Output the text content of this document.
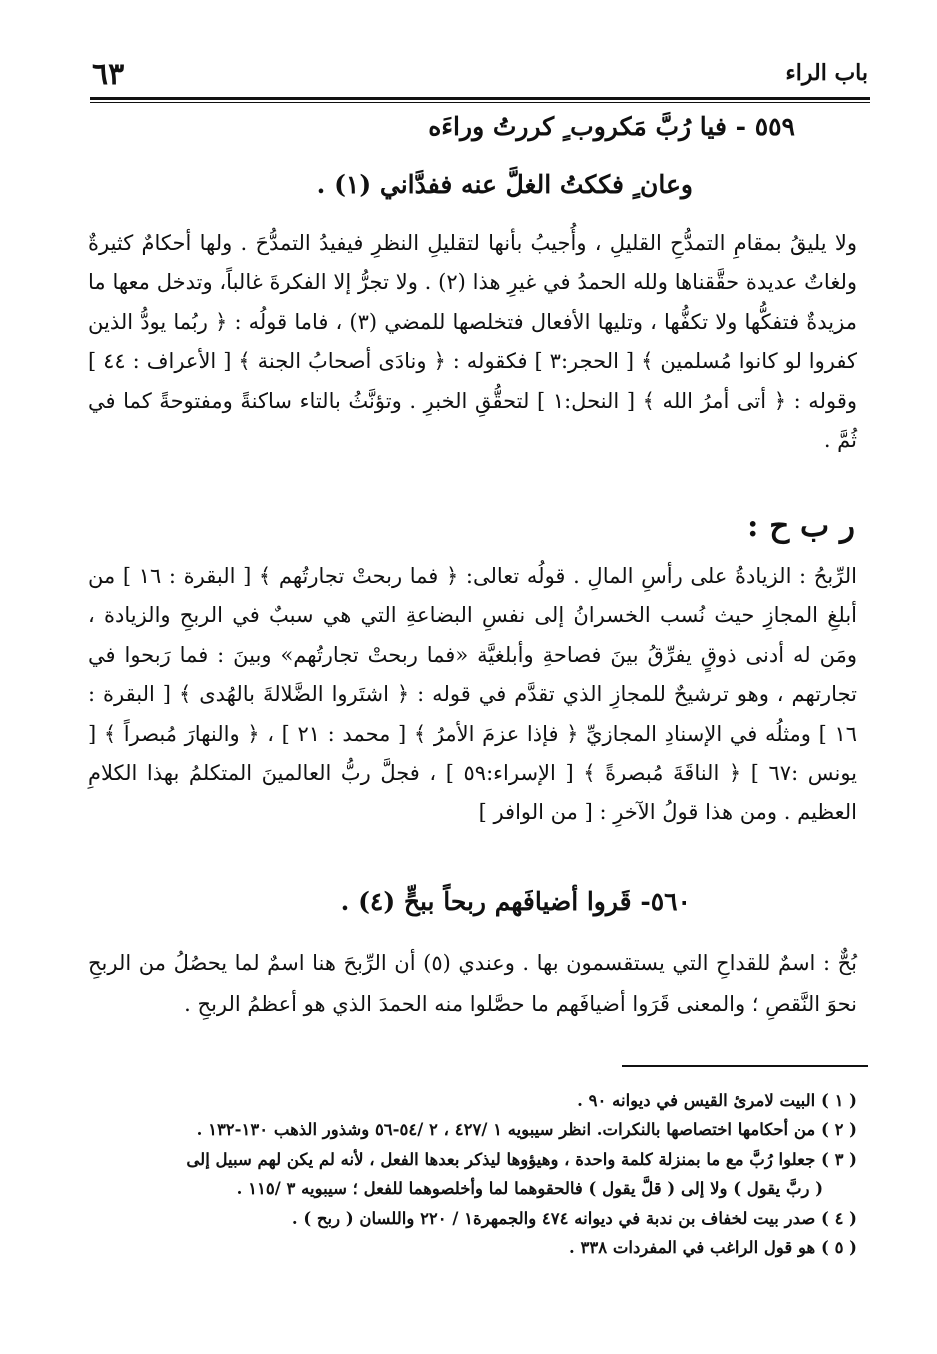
٦٣	باب الراء
٥٥٩ - فيا رُبَّ مَكروب ٍ كررتُ وراءَه
وعان ٍ فككتُ الغلَّ عنه ففدَّاني (١) .
ولا يليقُ بمقامِ التمدُّحِ القليلِ ، وأُجيبُ بأنها لتقليلِ النظرِ فيفيدُ التمدُّحَ . ولها أحكامٌ كثيرةٌ ولغاتٌ عديدة حقَّقناها ولله الحمدُ في غيرِ هذا (٢) . ولا تجرُّ إلا الفكرةَ غالباً، وتدخل معها ما مزيدةٌ فتفكُّها ولا تكفُّها ، وتليها الأفعال فتخلصها للمضي (٣) ، فاما قولُه : ﴿ ربُما يودُّ الذين كفروا لو كانوا مُسلمين ﴾ [ الحجر:٣ ] فكقوله : ﴿ ونادَى أصحابُ الجنة ﴾ [ الأعراف : ٤٤ ] وقوله : ﴿ أتى أمرُ الله ﴾ [ النحل:١ ] لتحقُّقِ الخبرِ . وتؤنَّثُ بالتاء ساكنةً ومفتوحةً كما في ثُمَّ .
ر ب ح :
الرِّبحُ : الزيادةُ على رأسِ المالِ . قولُه تعالى: ﴿ فما ربحتْ تجارتُهم ﴾ [ البقرة : ١٦ ] من أبلغِ المجازِ حيث نُسب الخسرانُ إلى نفسِ البضاعةِ التي هي سببٌ في الربحِ والزيادة ، ومَن له أدنى ذوقٍ يفرِّقُ بينَ فصاحةِ وأبلغيَّة «فما ربحتْ تجارتُهم» وبينَ : فما رَبحوا في تجارتهم ، وهو ترشيحٌ للمجازِ الذي تقدَّم في قوله : ﴿ اشتَروا الضَّلالةَ بالهُدى ﴾ [ البقرة : ١٦ ] ومثلُه في الإسنادِ المجازيِّ ﴿ فإذا عزمَ الأمرُ ﴾ [ محمد : ٢١ ] ، ﴿ والنهارَ مُبصراً ﴾ [ يونس :٦٧ ] ﴿ الناقَةَ مُبصرةً ﴾ [ الإسراء:٥٩ ] ، فجلَّ ربُّ العالمينَ المتكلمُ بهذا الكلامِ العظيم . ومن هذا قولُ الآخرِ : [ من الوافر ]
٥٦٠- قَروا أضيافَهم ربحاً ببحٍّ (٤) .
بُحٌّ : اسمٌ للقداحِ التي يستقسمون بها . وعندي (٥) أن الرِّبحَ هنا اسمٌ لما يحصُلُ من الربحِ نحوَ النَّقصِ ؛ والمعنى قَرَوا أضيافَهم ما حصَّلوا منه الحمدَ الذي هو أعظمُ الربحِ .
( ١ ) البيت لامرئ القيس في ديوانه ٩٠ .
( ٢ ) من أحكامها اختصاصها بالنكرات. انظر سيبويه ١ /٤٢٧ ، ٢ /٥٤-٥٦ وشذور الذهب ١٣٠-١٣٢ .
( ٣ ) جعلوا رُبَّ مع ما بمنزلة كلمة واحدة ، وهيؤوها ليذكر بعدها الفعل ، لأنه لم يكن لهم سبيل إلى
( ربَّ يقول ) ولا إلى ( قلَّ يقول ) فالحقوهما لما وأخلصوهما للفعل ؛ سيبويه ٣ /١١٥ .
( ٤ ) صدر بيت لخفاف بن ندبة في ديوانه ٤٧٤ والجمهرة١ / ٢٢٠ واللسان ( ربح ) .
( ٥ ) هو قول الراغب في المفردات ٣٣٨ .
